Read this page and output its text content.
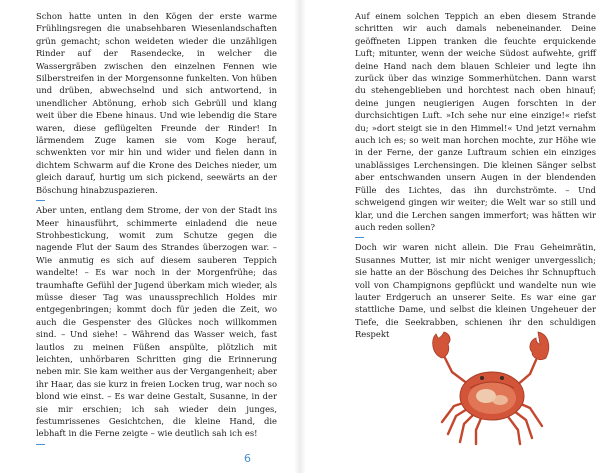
Schon hatte unten in den Kögen der erste warme Frühlingsregen die unabsehbaren Wiesenlandschaften grün gemacht; schon weideten wieder die unzähligen Rinder auf der Rasendecke, in welcher die Wassergräben zwischen den einzelnen Fennen wie Silberstreifen in der Morgensonne funkelten. Von hüben und drüben, abwechselnd und sich antwortend, in unendlicher Abtönung, erhob sich Gebrüll und klang weit über die Ebene hinaus. Und wie lebendig die Stare waren, diese geflügelten Freunde der Rinder! In lärmendem Zuge kamen sie vom Koge herauf, schwenkten vor mir hin und wider und fielen dann in dichtem Schwarm auf die Krone des Deiches nieder, um gleich darauf, hurtig um sich pickend, seewärts an der Böschung hinabzuspazieren.

Aber unten, entlang dem Strome, der von der Stadt ins Meer hinausführt, schimmerte einladend die neue Strohbestickung, womit zum Schutze gegen die nagende Flut der Saum des Strandes überzogen war. – Wie anmutig es sich auf diesem sauberen Teppich wandelte! – Es war noch in der Morgenfrühe; das traumhafte Gefühl der Jugend überkam mich wieder, als müsse dieser Tag was unaussprechlich Holdes mir entgegenbringen; kommt doch für jeden die Zeit, wo auch die Gespenster des Glückes noch willkommen sind. – Und siehe! – Während das Wasser weich, fast lautlos zu meinen Füßen anspülte, plötzlich mit leichten, unhörbaren Schritten ging die Erinnerung neben mir. Sie kam weither aus der Vergangenheit; aber ihr Haar, das sie kurz in freien Locken trug, war noch so blond wie einst. – Es war deine Gestalt, Susanne, in der sie mir erschien; ich sah wieder dein junges, festumrissenes Gesichtchen, die kleine Hand, die lebhaft in die Ferne zeigte – wie deutlich sah ich es!

6

Auf einem solchen Teppich an eben diesem Strande schritten wir auch damals nebeneinander. Deine geöffneten Lippen tranken die feuchte erquickende Luft; mitunter, wenn der weiche Südost aufwehte, griff deine Hand nach dem blauen Schleier und legte ihn zurück über das winzige Sommerhütchen. Dann warst du stehengeblieben und horchtest nach oben hinauf; deine jungen neugierigen Augen forschten in der durchsichtigen Luft. »Ich sehe nur eine einzige!« riefst du; »dort steigt sie in den Himmel!« Und jetzt vernahm auch ich es; so weit man horchen mochte, zur Höhe wie in der Ferne, der ganze Luftraum schien ein einziges unablässiges Lerchensingen. Die kleinen Sänger selbst aber entschwanden unsern Augen in der blendenden Fülle des Lichtes, das ihn durchströmte. – Und schweigend gingen wir weiter; die Welt war so still und klar, und die Lerchen sangen immerfort; was hätten wir auch reden sollen?

Doch wir waren nicht allein. Die Frau Geheimrätin, Susannes Mutter, ist mir nicht weniger unvergesslich; sie hatte an der Böschung des Deiches ihr Schnupftuch voll von Champignons gepflückt und wandelte nun wie lauter Erdgeruch an unserer Seite. Es war eine gar stattliche Dame, und selbst die kleinen Ungeheuer der Tiefe, die Seekrabben, schienen ihr den schuldigen Respekt
